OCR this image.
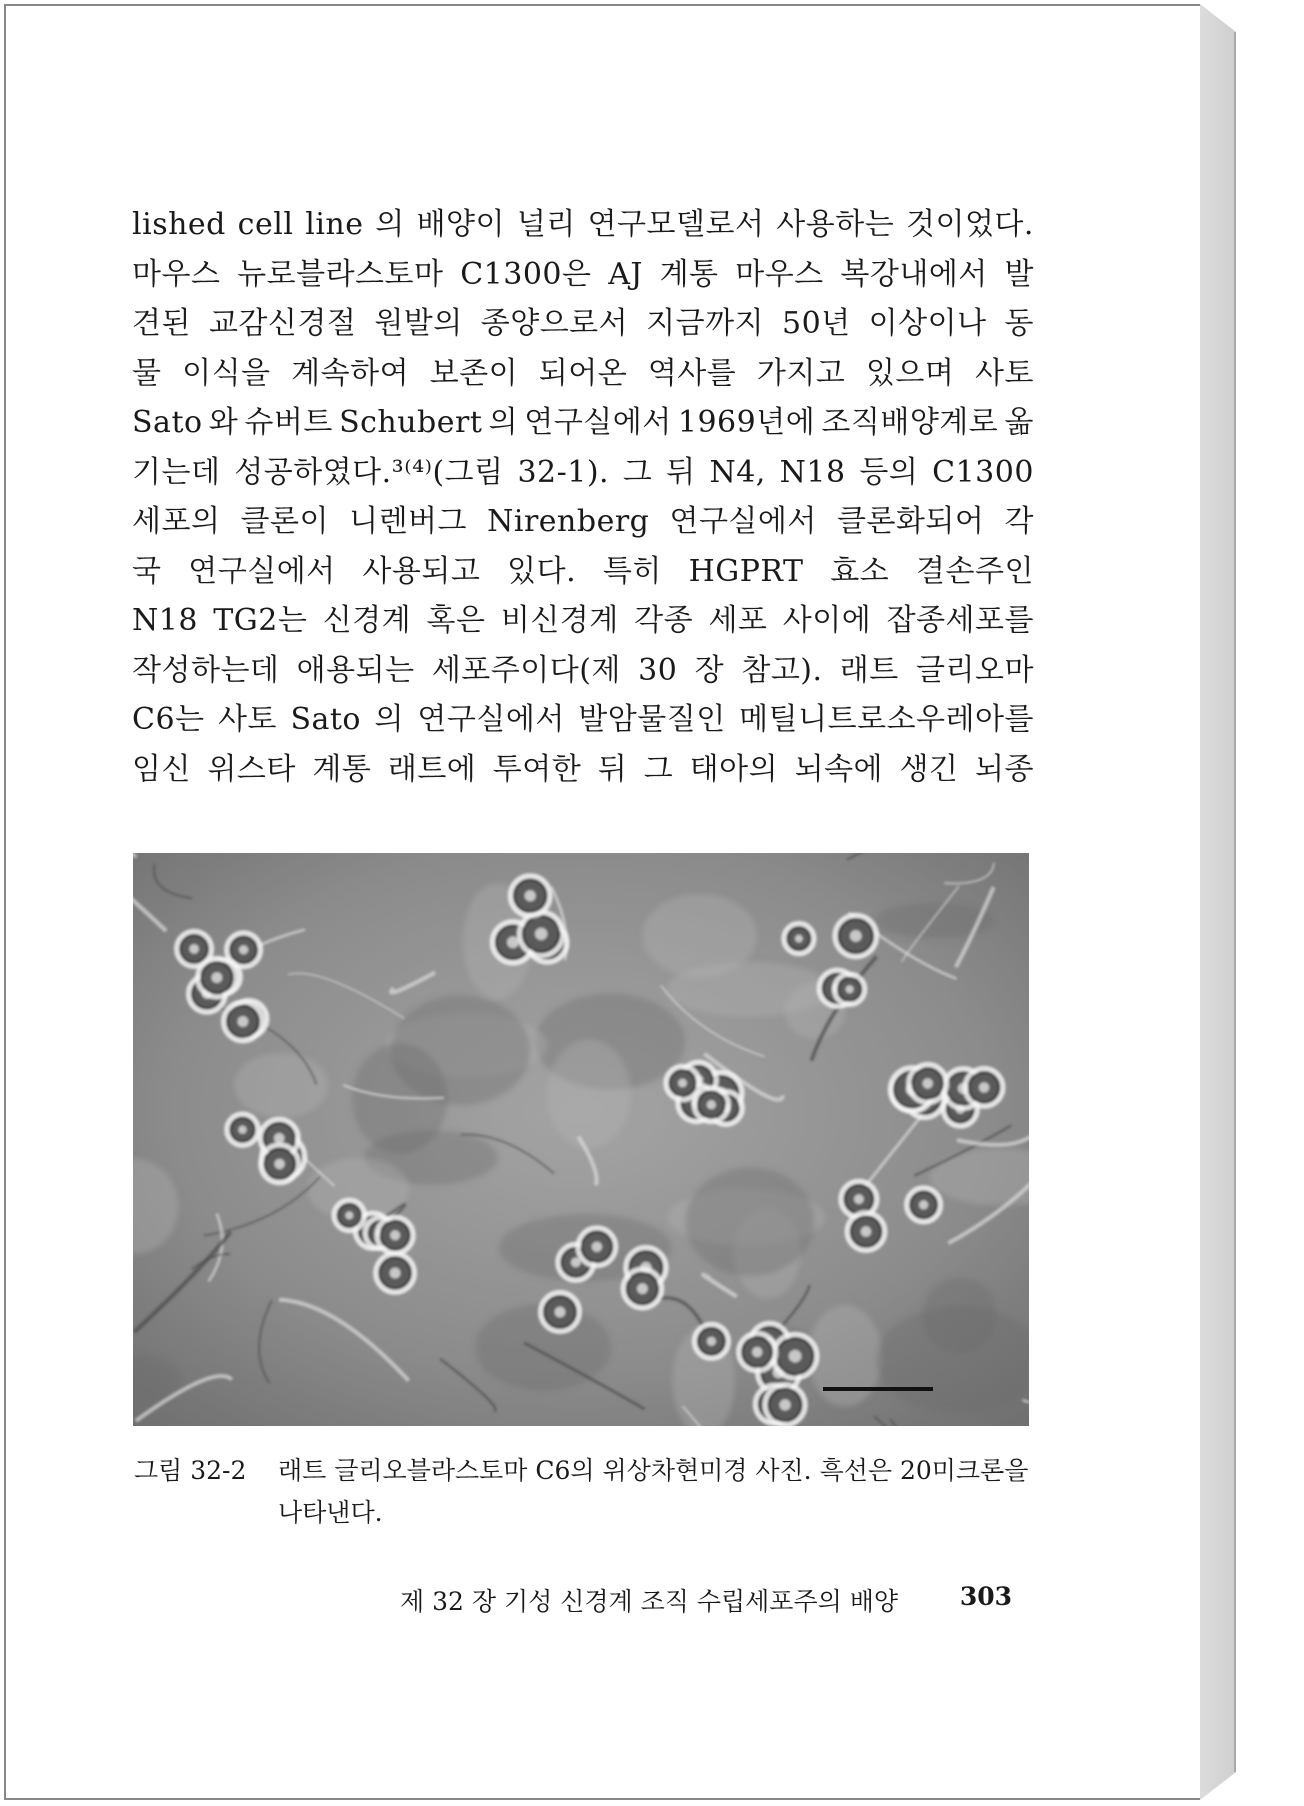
lished cell line 의 배양이 널리 연구모델로서 사용하는 것이었다.
마우스 뉴로블라스토마 C1300은 AJ 계통 마우스 복강내에서 발
견된 교감신경절 원발의 종양으로서 지금까지 50년 이상이나 동
물 이식을 계속하여 보존이 되어온 역사를 가지고 있으며 사토
Sato 와 슈버트 Schubert 의 연구실에서 1969년에 조직배양계로 옮
기는데 성공하였다.³⁽⁴⁾(그림 32-1). 그 뒤 N4, N18 등의 C1300
세포의 클론이 니렌버그 Nirenberg 연구실에서 클론화되어 각
국 연구실에서 사용되고 있다. 특히 HGPRT 효소 결손주인
N18 TG2는 신경계 혹은 비신경계 각종 세포 사이에 잡종세포를
작성하는데 애용되는 세포주이다(제 30 장 참고). 래트 글리오마
C6는 사토 Sato 의 연구실에서 발암물질인 메틸니트로소우레아를
임신 위스타 계통 래트에 투여한 뒤 그 태아의 뇌속에 생긴 뇌종
그림 32-2 래트 글리오블라스토마 C6의 위상차현미경 사진. 흑선은 20미크론을 나타낸다.
제 32 장 기성 신경계 조직 수립세포주의 배양 303
